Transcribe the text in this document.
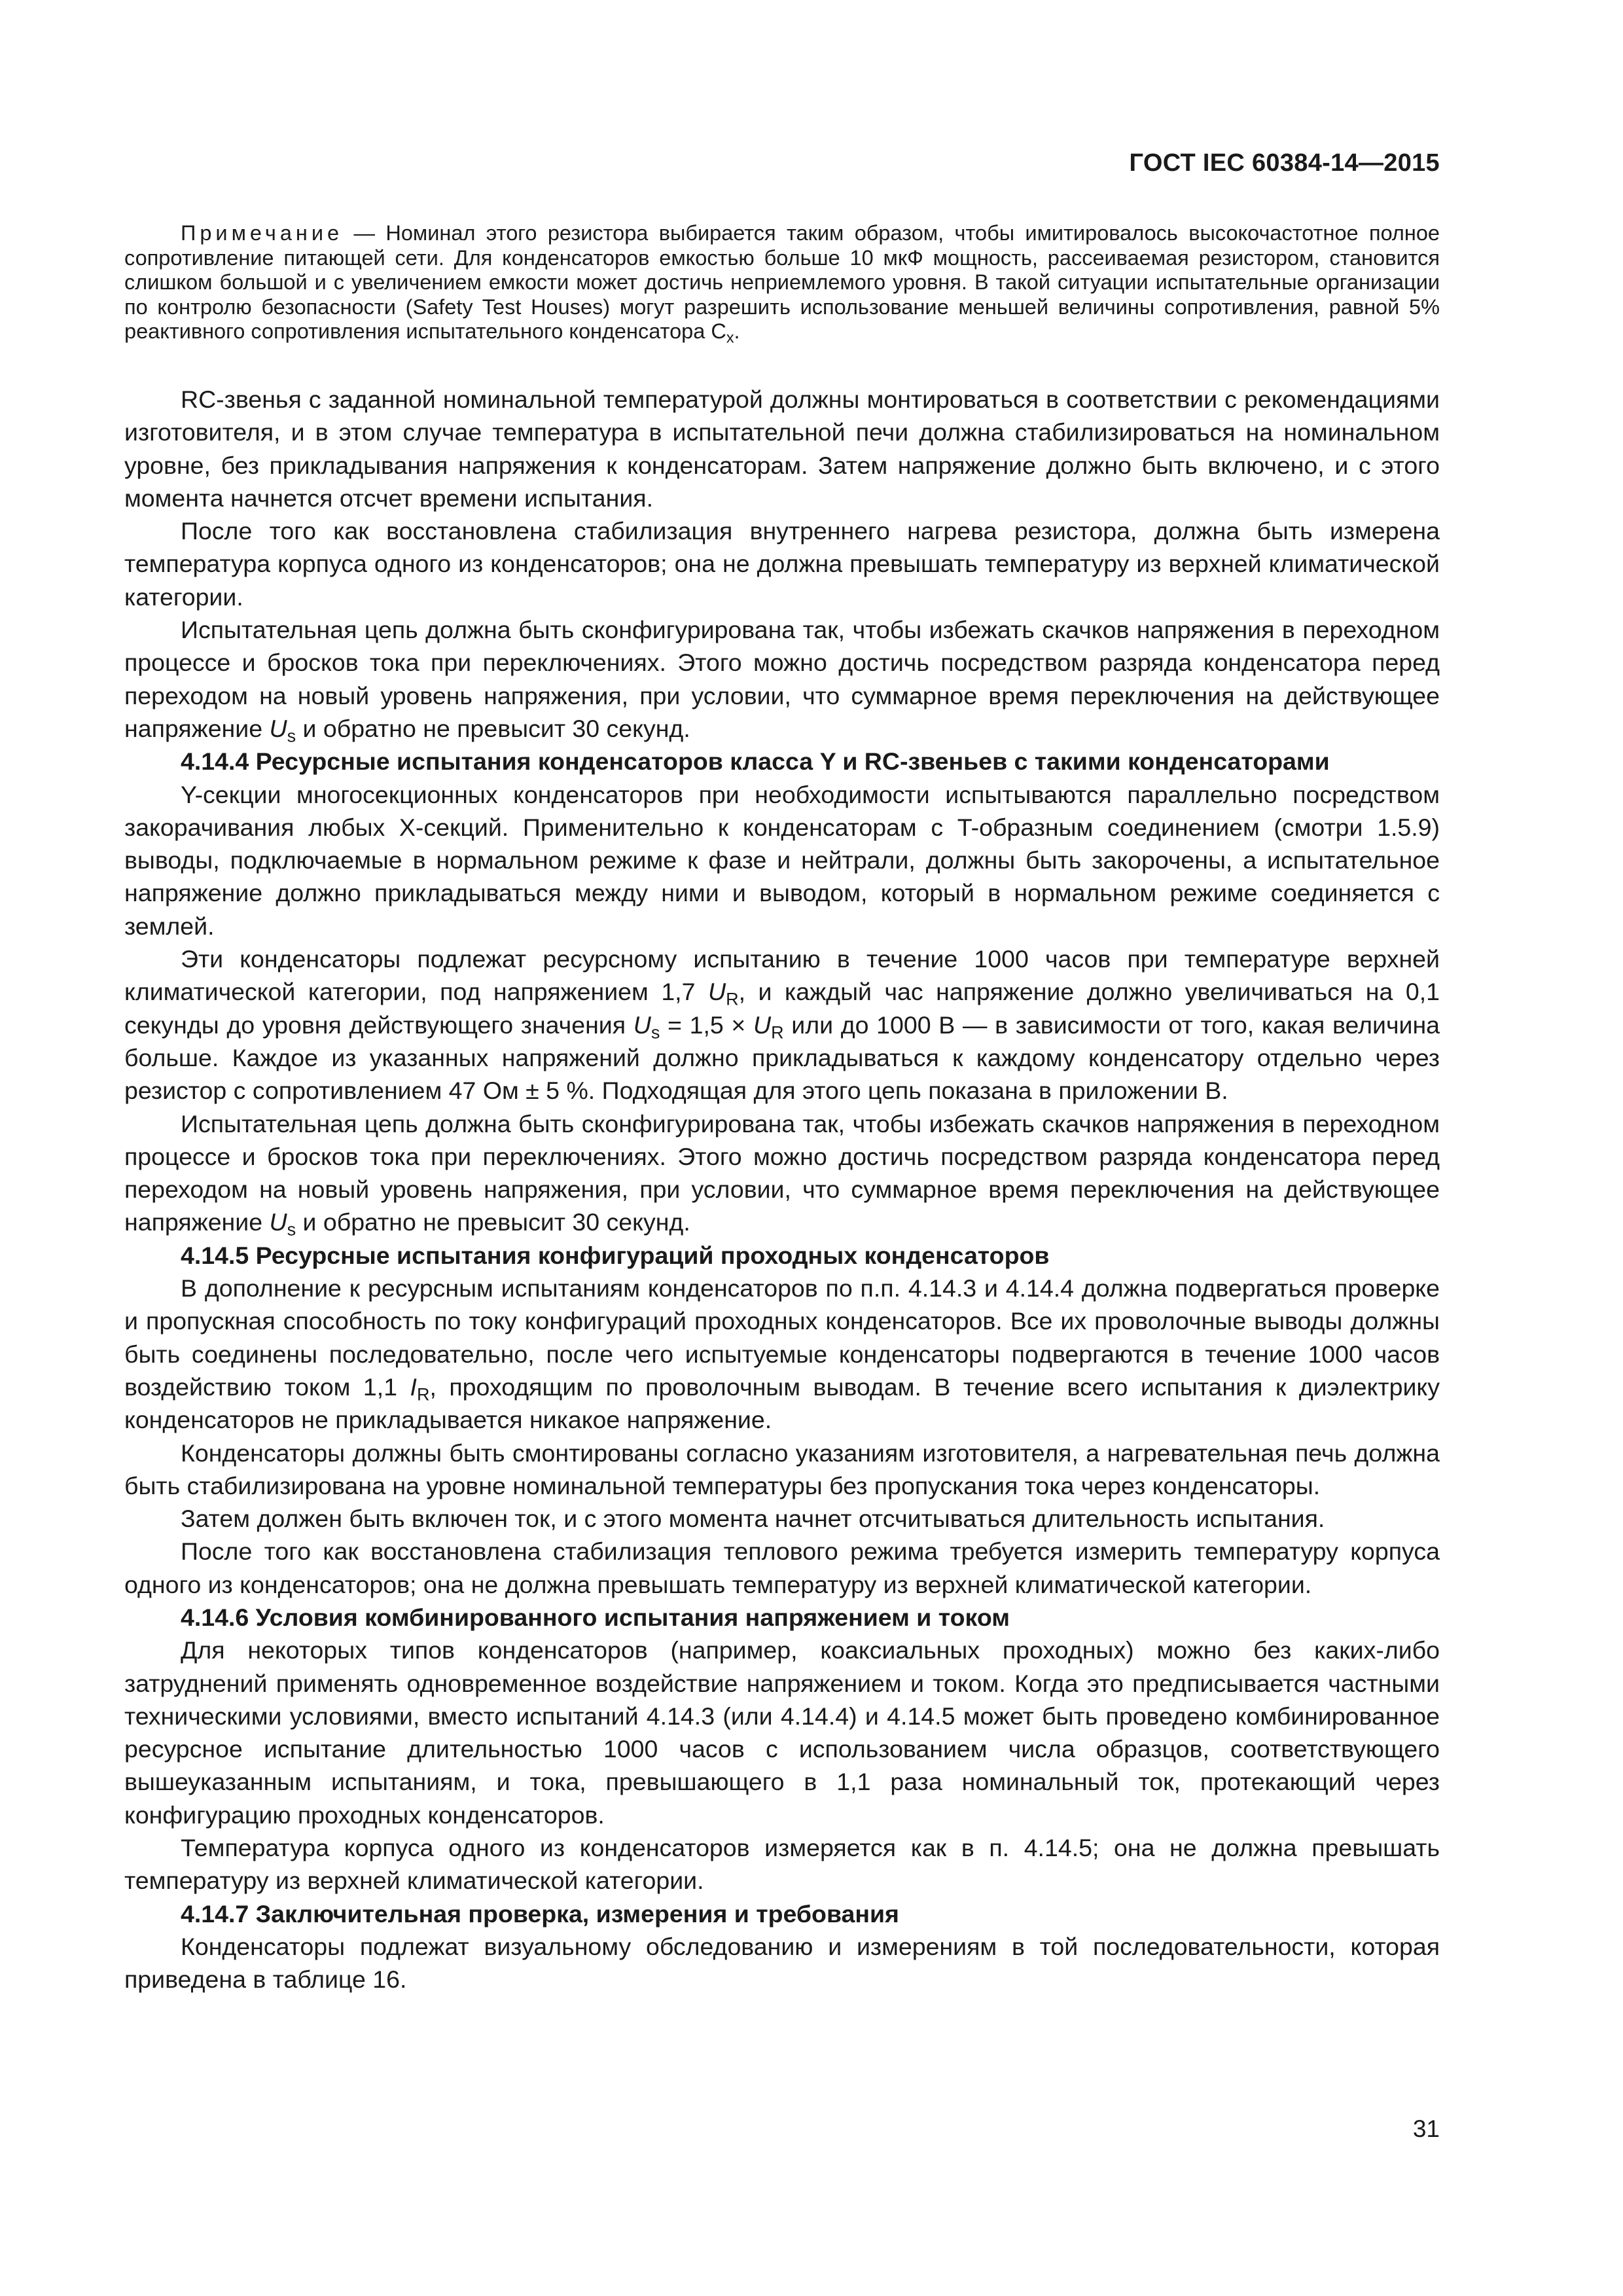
ГОСТ IEC 60384-14—2015

Примечание — Номинал этого резистора выбирается таким образом, чтобы имитировалось высокочастотное полное сопротивление питающей сети. Для конденсаторов емкостью больше 10 мкФ мощность, рассеиваемая резистором, становится слишком большой и с увеличением емкости может достичь неприемлемого уровня. В такой ситуации испытательные организации по контролю безопасности (Safety Test Houses) могут разрешить использование меньшей величины сопротивления, равной 5% реактивного сопротивления испытательного конденсатора $C_x$.

RC-звенья с заданной номинальной температурой должны монтироваться в соответствии с рекомендациями изготовителя, и в этом случае температура в испытательной печи должна стабилизироваться на номинальном уровне, без прикладывания напряжения к конденсаторам. Затем напряжение должно быть включено, и с этого момента начнется отсчет времени испытания.

После того как восстановлена стабилизация внутреннего нагрева резистора, должна быть измерена температура корпуса одного из конденсаторов; она не должна превышать температуру из верхней климатической категории.

Испытательная цепь должна быть сконфигурирована так, чтобы избежать скачков напряжения в переходном процессе и бросков тока при переключениях. Этого можно достичь посредством разряда конденсатора перед переходом на новый уровень напряжения, при условии, что суммарное время переключения на действующее напряжение $U_s$ и обратно не превысит 30 секунд.

4.14.4 Ресурсные испытания конденсаторов класса Y и RC-звеньев с такими конденсаторами

Y-секции многосекционных конденсаторов при необходимости испытываются параллельно посредством закорачивания любых X-секций. Применительно к конденсаторам с T-образным соединением (смотри 1.5.9) выводы, подключаемые в нормальном режиме к фазе и нейтрали, должны быть закорочены, а испытательное напряжение должно прикладываться между ними и выводом, который в нормальном режиме соединяется с землей.

Эти конденсаторы подлежат ресурсному испытанию в течение 1000 часов при температуре верхней климатической категории, под напряжением 1,7 $U_R$, и каждый час напряжение должно увеличиваться на 0,1 секунды до уровня действующего значения $U_s = 1,5 \times U_R$ или до 1000 В — в зависимости от того, какая величина больше. Каждое из указанных напряжений должно прикладываться к каждому конденсатору отдельно через резистор с сопротивлением 47 Ом ± 5 %. Подходящая для этого цепь показана в приложении В.

Испытательная цепь должна быть сконфигурирована так, чтобы избежать скачков напряжения в переходном процессе и бросков тока при переключениях. Этого можно достичь посредством разряда конденсатора перед переходом на новый уровень напряжения, при условии, что суммарное время переключения на действующее напряжение $U_s$ и обратно не превысит 30 секунд.

4.14.5 Ресурсные испытания конфигураций проходных конденсаторов

В дополнение к ресурсным испытаниям конденсаторов по п.п. 4.14.3 и 4.14.4 должна подвергаться проверке и пропускная способность по току конфигураций проходных конденсаторов. Все их проволочные выводы должны быть соединены последовательно, после чего испытуемые конденсаторы подвергаются в течение 1000 часов воздействию током 1,1 $I_R$, проходящим по проволочным выводам. В течение всего испытания к диэлектрику конденсаторов не прикладывается никакое напряжение.

Конденсаторы должны быть смонтированы согласно указаниям изготовителя, а нагревательная печь должна быть стабилизирована на уровне номинальной температуры без пропускания тока через конденсаторы.

Затем должен быть включен ток, и с этого момента начнет отсчитываться длительность испытания.

После того как восстановлена стабилизация теплового режима требуется измерить температуру корпуса одного из конденсаторов; она не должна превышать температуру из верхней климатической категории.

4.14.6 Условия комбинированного испытания напряжением и током

Для некоторых типов конденсаторов (например, коаксиальных проходных) можно без каких-либо затруднений применять одновременное воздействие напряжением и током. Когда это предписывается частными техническими условиями, вместо испытаний 4.14.3 (или 4.14.4) и 4.14.5 может быть проведено комбинированное ресурсное испытание длительностью 1000 часов с использованием числа образцов, соответствующего вышеуказанным испытаниям, и тока, превышающего в 1,1 раза номинальный ток, протекающий через конфигурацию проходных конденсаторов.

Температура корпуса одного из конденсаторов измеряется как в п. 4.14.5; она не должна превышать температуру из верхней климатической категории.

4.14.7 Заключительная проверка, измерения и требования

Конденсаторы подлежат визуальному обследованию и измерениям в той последовательности, которая приведена в таблице 16.

31
